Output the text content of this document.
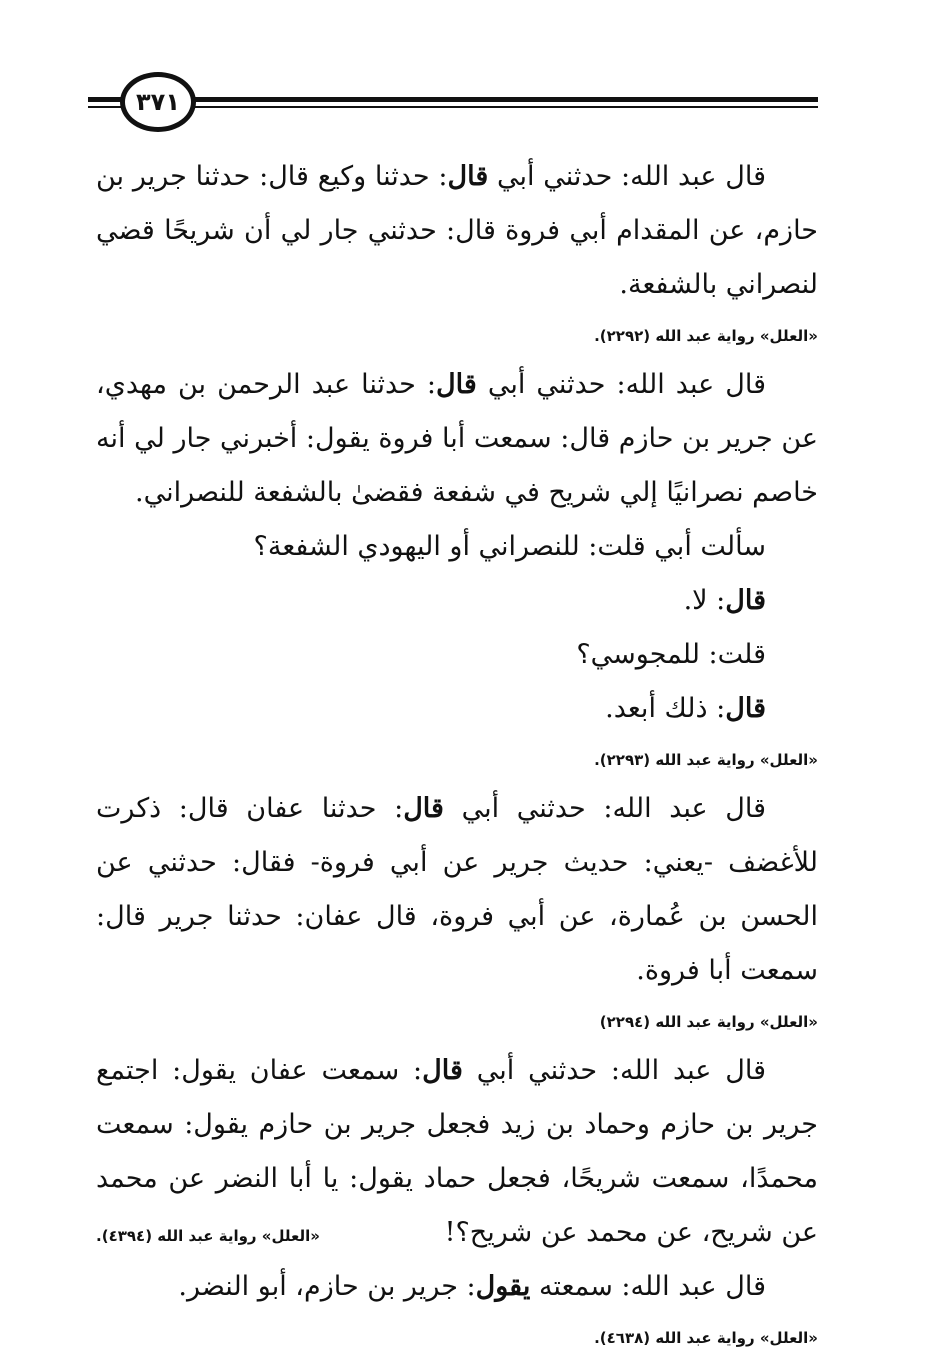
٣٧١

قال عبد الله: حدثني أبي قال: حدثنا وكيع قال: حدثنا جرير بن حازم، عن المقدام أبي فروة قال: حدثني جار لي أن شريحًا قضي لنصراني بالشفعة.

«العلل» رواية عبد الله (٢٢٩٢).

قال عبد الله: حدثني أبي قال: حدثنا عبد الرحمن بن مهدي، عن جرير بن حازم قال: سمعت أبا فروة يقول: أخبرني جار لي أنه خاصم نصرانيًا إلي شريح في شفعة فقضىٰ بالشفعة للنصراني.

سألت أبي قلت: للنصراني أو اليهودي الشفعة؟

قال: لا.

قلت: للمجوسي؟

قال: ذلك أبعد.

«العلل» رواية عبد الله (٢٢٩٣).

قال عبد الله: حدثني أبي قال: حدثنا عفان قال: ذكرت للأغضف -يعني: حديث جرير عن أبي فروة- فقال: حدثني عن الحسن بن عُمارة، عن أبي فروة، قال عفان: حدثنا جرير قال: سمعت أبا فروة.

«العلل» رواية عبد الله (٢٢٩٤)

قال عبد الله: حدثني أبي قال: سمعت عفان يقول: اجتمع جرير بن حازم وحماد بن زيد فجعل جرير بن حازم يقول: سمعت محمدًا، سمعت شريحًا، فجعل حماد يقول: يا أبا النضر عن محمد عن شريح، عن محمد عن شريح؟!

«العلل» رواية عبد الله (٤٣٩٤).

قال عبد الله: سمعته يقول: جرير بن حازم، أبو النضر.

«العلل» رواية عبد الله (٤٦٣٨).
